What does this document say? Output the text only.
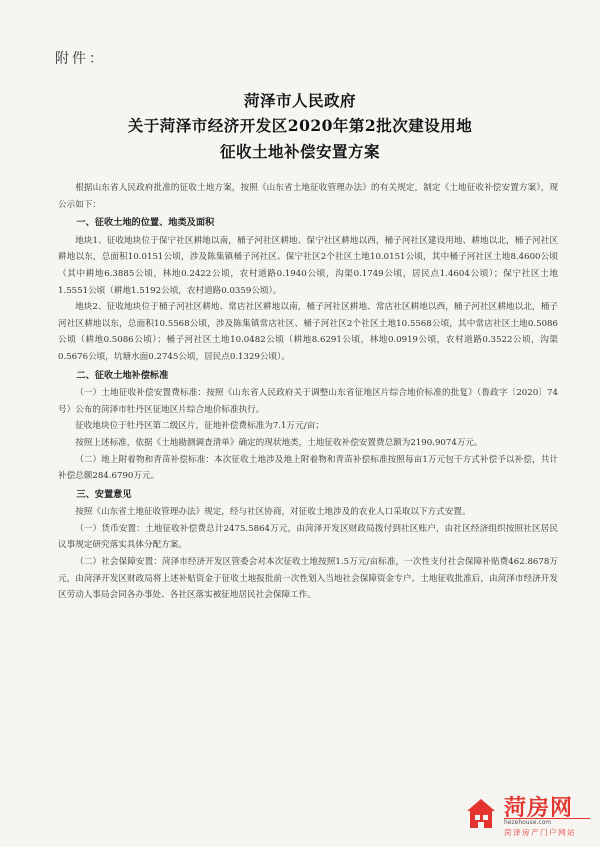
附件：
菏泽市人民政府
关于菏泽市经济开发区2020年第2批次建设用地
征收土地补偿安置方案

根据山东省人民政府批准的征收土地方案，按照《山东省土地征收管理办法》的有关规定，制定《土地征收补偿安置方案》，现公示如下：

一、征收土地的位置、地类及面积

地块1、征收地块位于保宁社区耕地以南，桶子河社区耕地、保宁社区耕地以西，桶子河社区建设用地、耕地以北，桶子河社区耕地以东，总面积10.0151公顷，涉及陈集镇桶子河社区、保宁社区2个社区土地10.0151公顷，其中桶子河社区土地8.4600公顷（其中耕地6.3885公顷，林地0.2422公顷，农村道路0.1940公顷，沟渠0.1749公顷，居民点1.4604公顷）；保宁社区土地1.5551公顷（耕地1.5192公顷，农村道路0.0359公顷）。

地块2、征收地块位于桶子河社区耕地、常店社区耕地以南，桶子河社区耕地、常店社区耕地以西，桶子河社区耕地以北，桶子河社区耕地以东，总面积10.5568公顷，涉及陈集镇常店社区、桶子河社区2个社区土地10.5568公顷，其中常店社区土地0.5086公顷（耕地0.5086公顷）；桶子河社区土地10.0482公顷（耕地8.6291公顷，林地0.0919公顷，农村道路0.3522公顷，沟渠0.5676公顷，坑塘水面0.2745公顷，居民点0.1329公顷）。

二、征收土地补偿标准

（一）土地征收补偿安置费标准：按照《山东省人民政府关于调整山东省征地区片综合地价标准的批复》（鲁政字〔2020〕74号）公布的菏泽市牡丹区征地区片综合地价标准执行。

征收地块位于牡丹区第二级区片，征地补偿费标准为7.1万元/亩；

按照上述标准，依据《土地勘测调查清单》确定的现状地类，土地征收补偿安置费总额为2190.9074万元。

（二）地上附着物和青苗补偿标准：本次征收土地涉及地上附着物和青苗补偿标准按照每亩1万元包干方式补偿予以补偿，共计补偿总额284.6790万元。

三、安置意见

按照《山东省土地征收管理办法》规定，经与社区协商，对征收土地涉及的农业人口采取以下方式安置。

（一）货币安置：土地征收补偿费总计2475.5864万元，由菏泽开发区财政局拨付到社区账户，由社区经济组织按照社区居民议事规定研究落实具体分配方案。

（二）社会保障安置：菏泽市经济开发区管委会对本次征收土地按照1.5万元/亩标准，一次性支付社会保障补贴费462.8678万元，由菏泽开发区财政局将上述补贴资金于征收土地报批前一次性划入当地社会保障资金专户。土地征收批准后，由菏泽市经济开发区劳动人事局会同各办事处、各社区落实被征地居民社会保障工作。

菏房网
hezehouse.com
菏泽房产门户网站
